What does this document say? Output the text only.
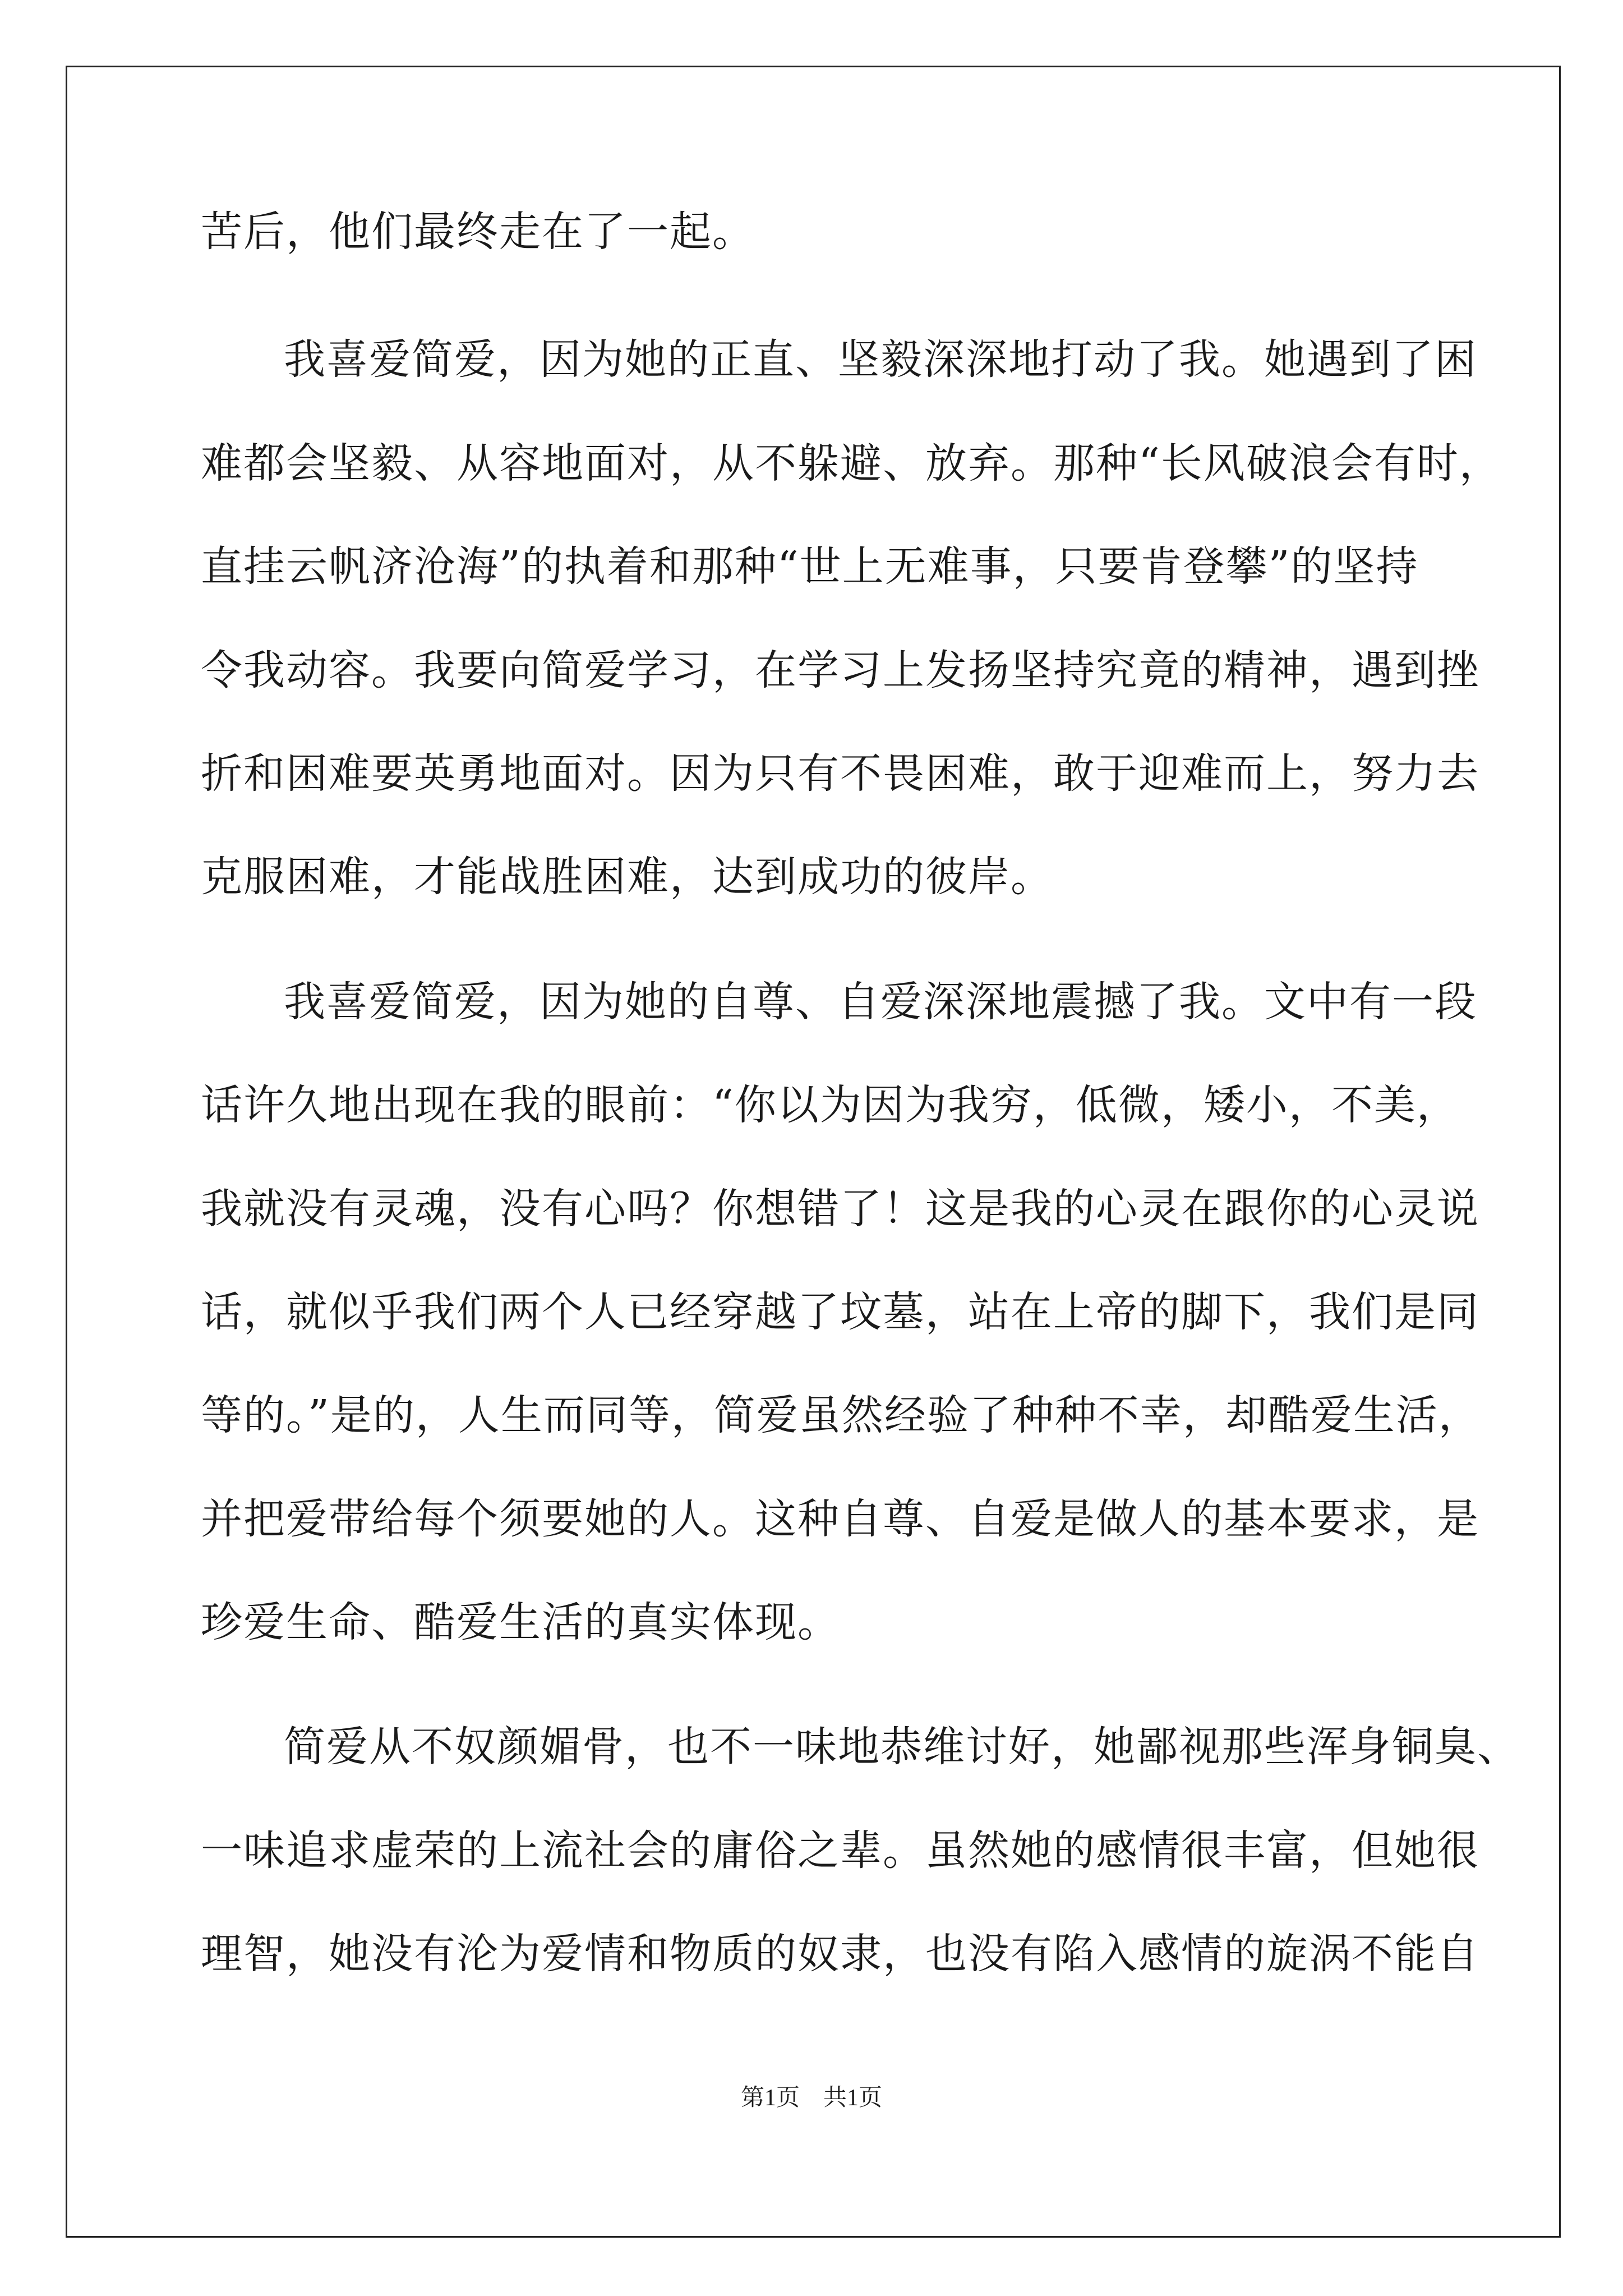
苦后，他们最终走在了一起。
我喜爱简爱，因为她的正直、坚毅深深地打动了我。她遇到了困
难都会坚毅、从容地面对，从不躲避、放弃。那种“长风破浪会有时，
直挂云帆济沧海”的执着和那种“世上无难事，只要肯登攀”的坚持
令我动容。我要向简爱学习，在学习上发扬坚持究竟的精神，遇到挫
折和困难要英勇地面对。因为只有不畏困难，敢于迎难而上，努力去
克服困难，才能战胜困难，达到成功的彼岸。
我喜爱简爱，因为她的自尊、自爱深深地震撼了我。文中有一段
话许久地出现在我的眼前：“你以为因为我穷，低微，矮小，不美，
我就没有灵魂，没有心吗？你想错了！这是我的心灵在跟你的心灵说
话，就似乎我们两个人已经穿越了坟墓，站在上帝的脚下，我们是同
等的。”是的，人生而同等，简爱虽然经验了种种不幸，却酷爱生活，
并把爱带给每个须要她的人。这种自尊、自爱是做人的基本要求，是
珍爱生命、酷爱生活的真实体现。
简爱从不奴颜媚骨，也不一味地恭维讨好，她鄙视那些浑身铜臭、
一味追求虚荣的上流社会的庸俗之辈。虽然她的感情很丰富，但她很
理智，她没有沦为爱情和物质的奴隶，也没有陷入感情的旋涡不能自
第1页 共1页
